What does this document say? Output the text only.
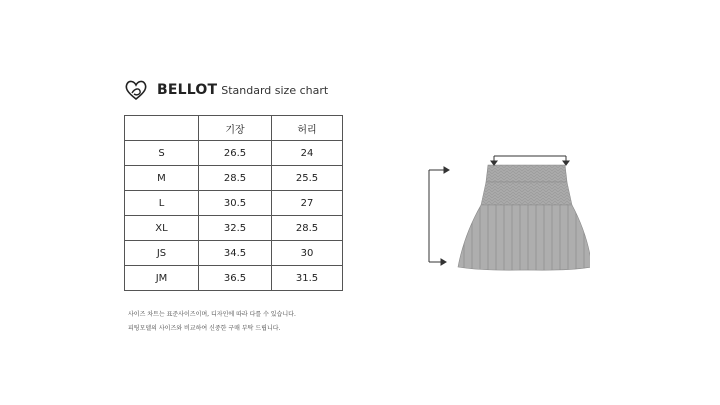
BELLOT Standard size chart
	기장	허리
S	26.5	24
M	28.5	25.5
L	30.5	27
XL	32.5	28.5
JS	34.5	30
JM	36.5	31.5
사이즈 차트는 표준사이즈이며, 디자인에 따라 다를 수 있습니다.
피팅모델의 사이즈와 비교하여 신중한 구매 부탁 드립니다.
